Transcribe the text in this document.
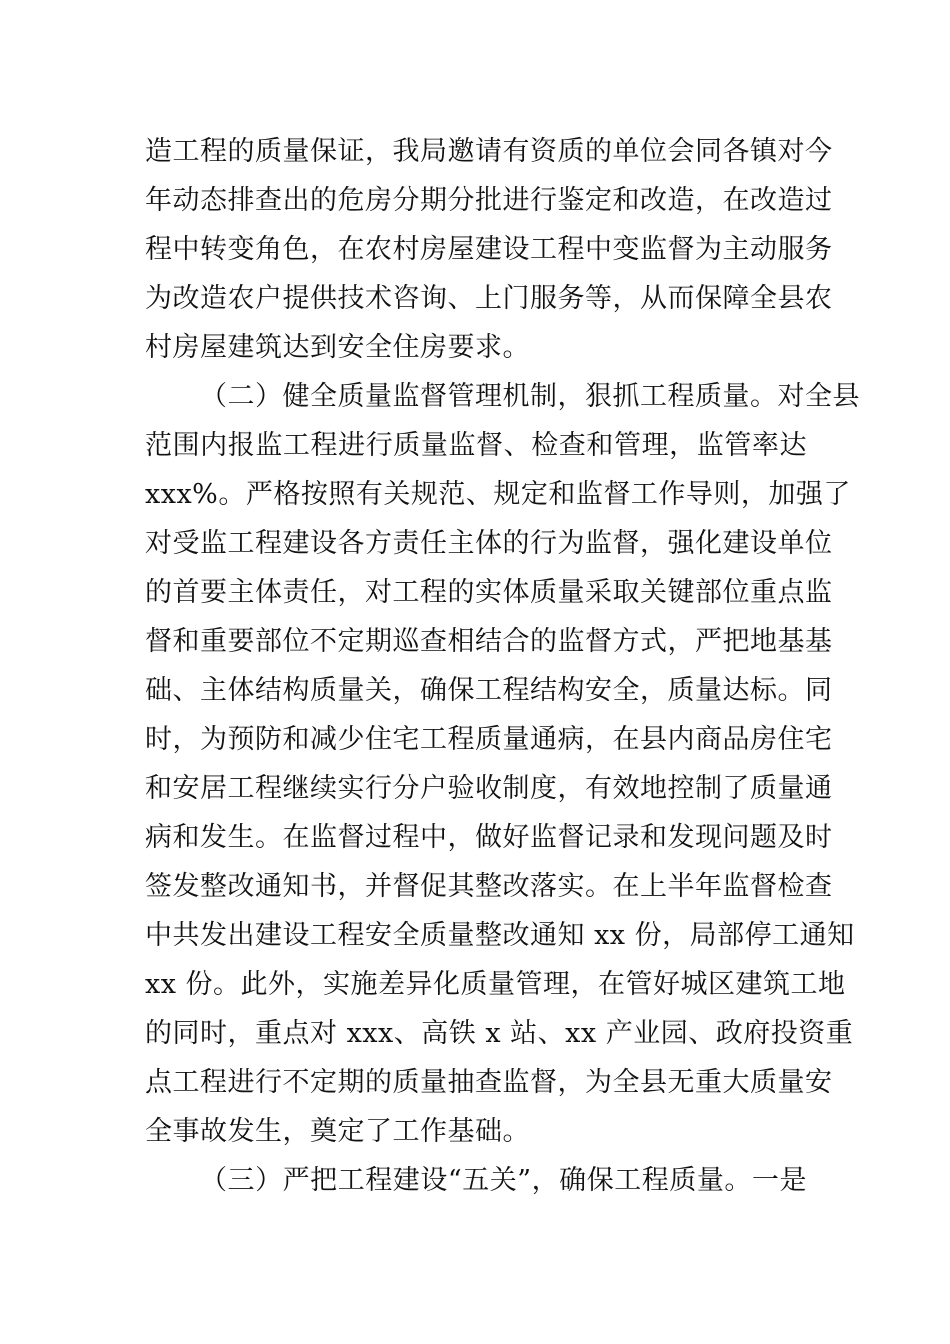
造工程的质量保证，我局邀请有资质的单位会同各镇对今
年动态排查出的危房分期分批进行鉴定和改造，在改造过
程中转变角色，在农村房屋建设工程中变监督为主动服务
为改造农户提供技术咨询、上门服务等，从而保障全县农
村房屋建筑达到安全住房要求。
（二）健全质量监督管理机制，狠抓工程质量。对全县
范围内报监工程进行质量监督、检查和管理，监管率达
xxx%。严格按照有关规范、规定和监督工作导则，加强了
对受监工程建设各方责任主体的行为监督，强化建设单位
的首要主体责任，对工程的实体质量采取关键部位重点监
督和重要部位不定期巡查相结合的监督方式，严把地基基
础、主体结构质量关，确保工程结构安全，质量达标。同
时，为预防和减少住宅工程质量通病，在县内商品房住宅
和安居工程继续实行分户验收制度，有效地控制了质量通
病和发生。在监督过程中，做好监督记录和发现问题及时
签发整改通知书，并督促其整改落实。在上半年监督检查
中共发出建设工程安全质量整改通知 xx 份，局部停工通知
xx 份。此外，实施差异化质量管理，在管好城区建筑工地
的同时，重点对 xxx、高铁 x 站、xx 产业园、政府投资重
点工程进行不定期的质量抽查监督，为全县无重大质量安
全事故发生，奠定了工作基础。
（三）严把工程建设“五关”，确保工程质量。一是
